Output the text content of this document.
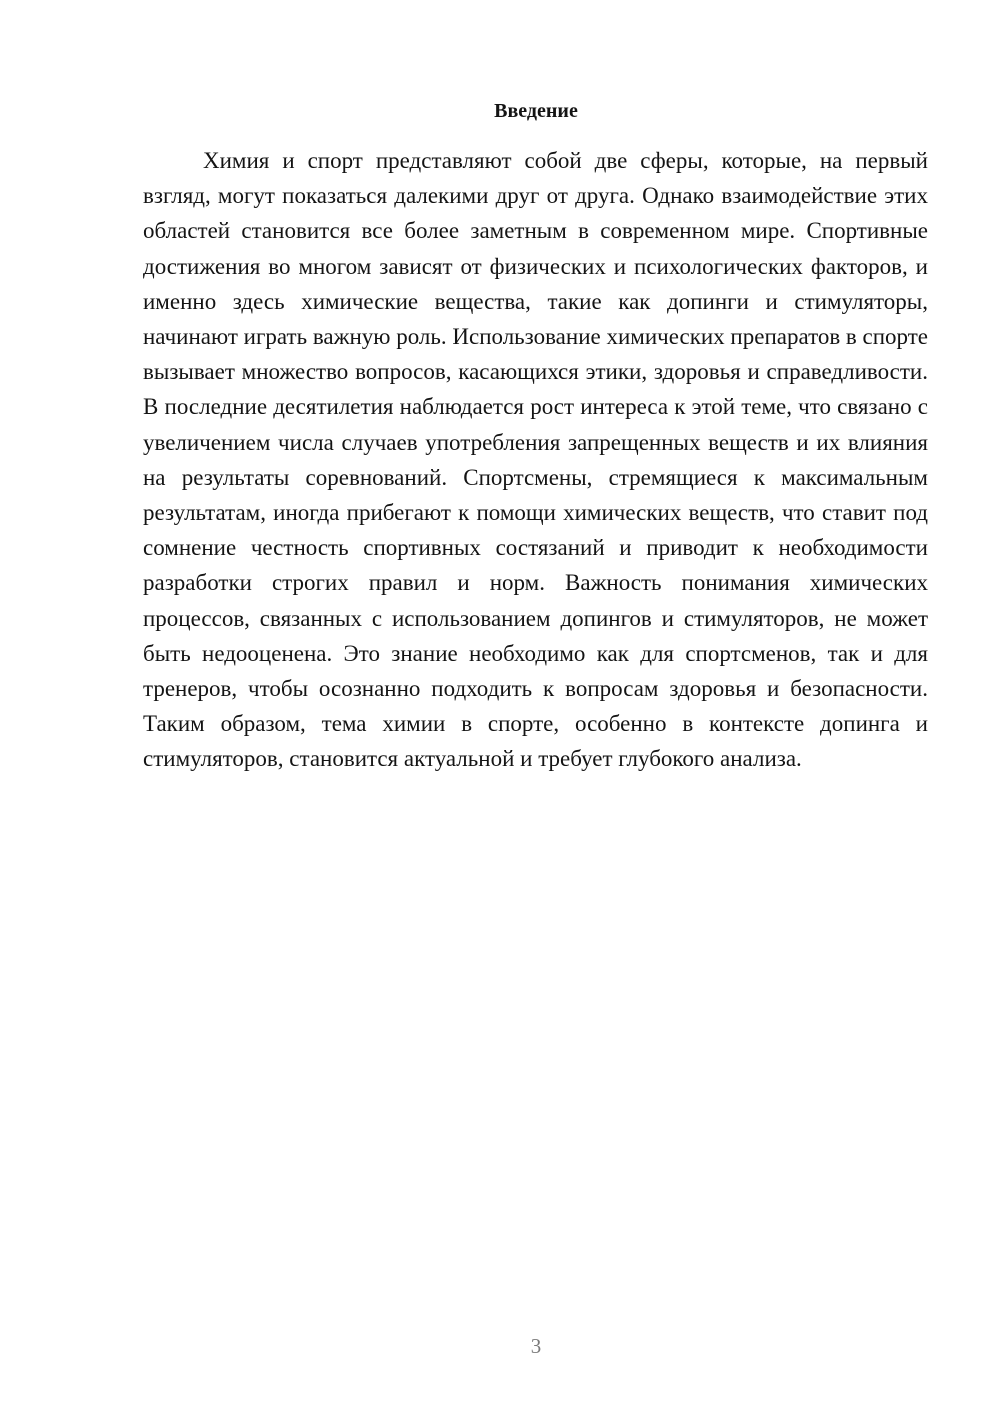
Введение

Химия и спорт представляют собой две сферы, которые, на первый взгляд, могут показаться далекими друг от друга. Однако взаимодействие этих областей становится все более заметным в современном мире. Спортивные достижения во многом зависят от физических и психологических факторов, и именно здесь химические вещества, такие как допинги и стимуляторы, начинают играть важную роль. Использование химических препаратов в спорте вызывает множество вопросов, касающихся этики, здоровья и справедливости. В последние десятилетия наблюдается рост интереса к этой теме, что связано с увеличением числа случаев употребления запрещенных веществ и их влияния на результаты соревнований. Спортсмены, стремящиеся к максимальным результатам, иногда прибегают к помощи химических веществ, что ставит под сомнение честность спортивных состязаний и приводит к необходимости разработки строгих правил и норм. Важность понимания химических процессов, связанных с использованием допингов и стимуляторов, не может быть недооценена. Это знание необходимо как для спортсменов, так и для тренеров, чтобы осознанно подходить к вопросам здоровья и безопасности. Таким образом, тема химии в спорте, особенно в контексте допинга и стимуляторов, становится актуальной и требует глубокого анализа.

3
